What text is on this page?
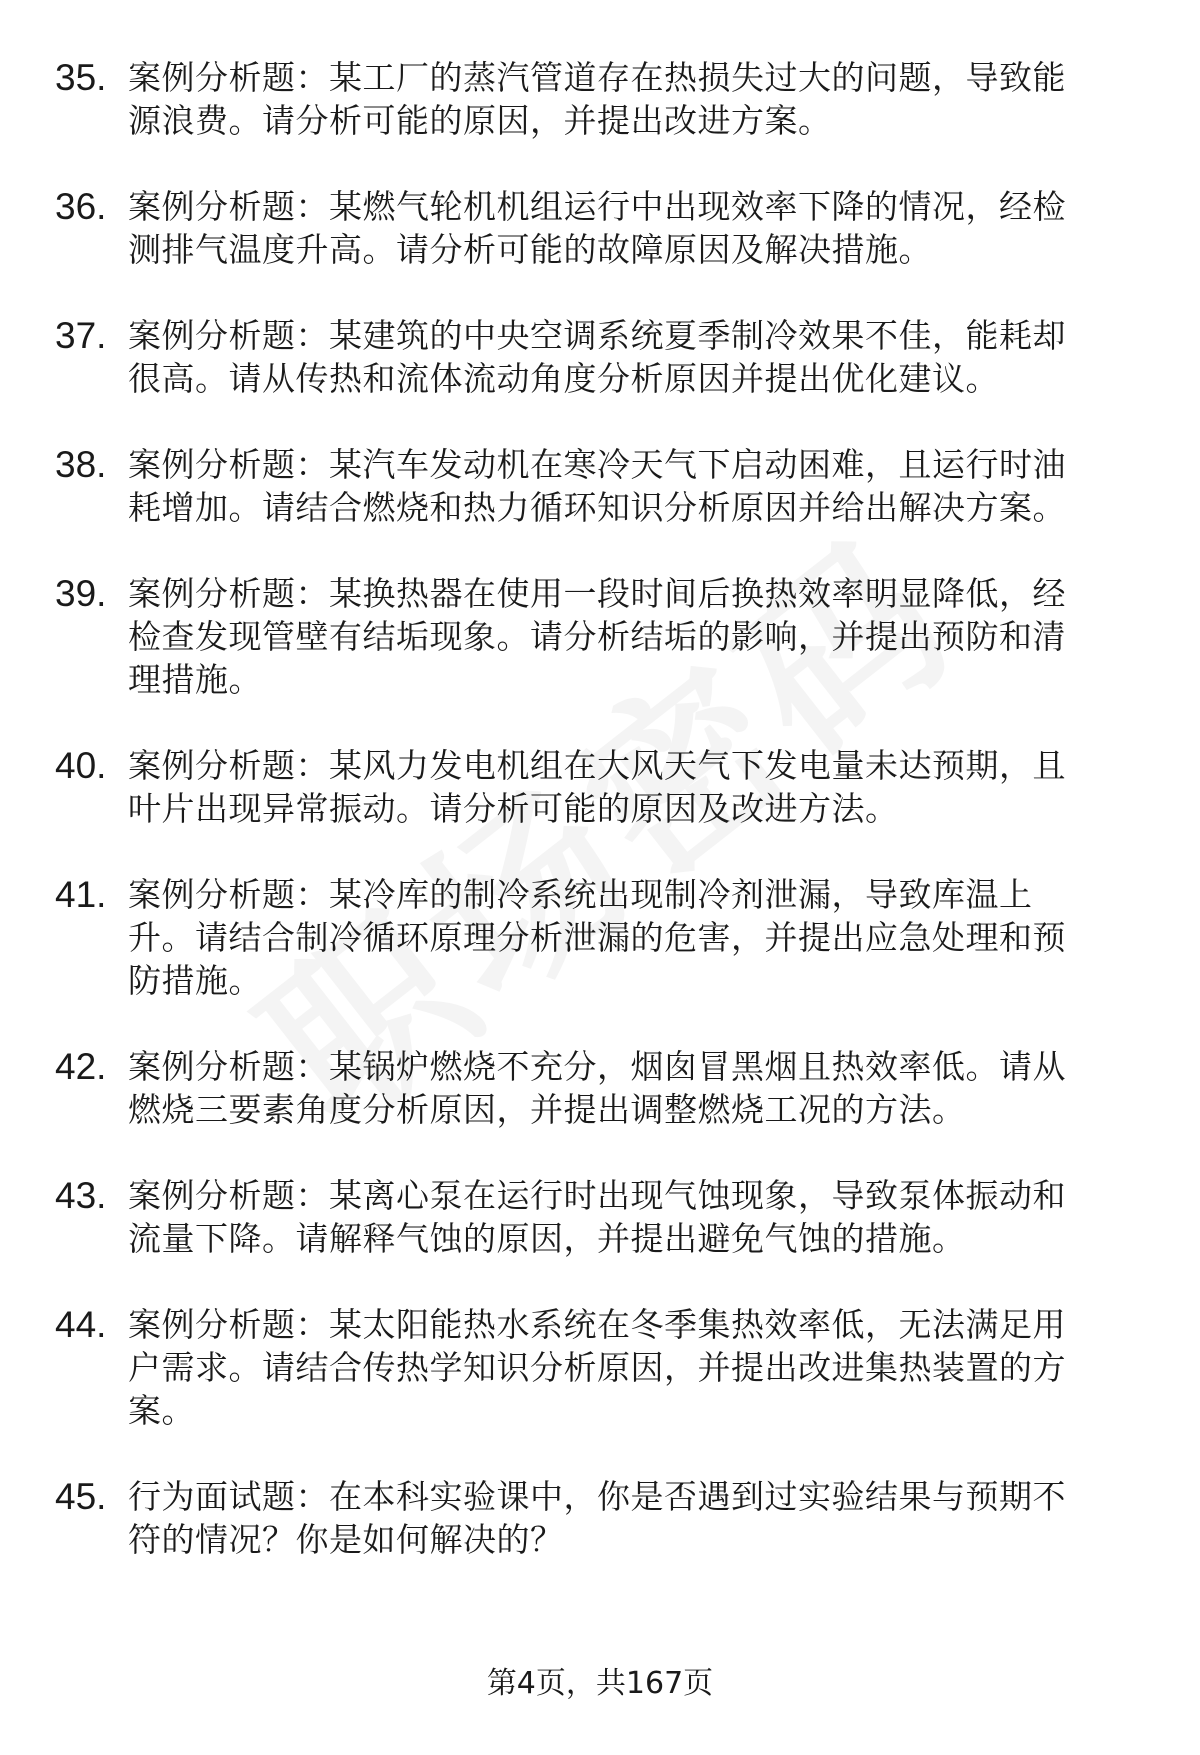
35. 案例分析题：某工厂的蒸汽管道存在热损失过大的问题，导致能
源浪费。请分析可能的原因，并提出改进方案。
36. 案例分析题：某燃气轮机机组运行中出现效率下降的情况，经检
测排气温度升高。请分析可能的故障原因及解决措施。
37. 案例分析题：某建筑的中央空调系统夏季制冷效果不佳，能耗却
很高。请从传热和流体流动角度分析原因并提出优化建议。
38. 案例分析题：某汽车发动机在寒冷天气下启动困难，且运行时油
耗增加。请结合燃烧和热力循环知识分析原因并给出解决方案。
39. 案例分析题：某换热器在使用一段时间后换热效率明显降低，经
检查发现管壁有结垢现象。请分析结垢的影响，并提出预防和清
理措施。
40. 案例分析题：某风力发电机组在大风天气下发电量未达预期，且
叶片出现异常振动。请分析可能的原因及改进方法。
41. 案例分析题：某冷库的制冷系统出现制冷剂泄漏，导致库温上
升。请结合制冷循环原理分析泄漏的危害，并提出应急处理和预
防措施。
42. 案例分析题：某锅炉燃烧不充分，烟囱冒黑烟且热效率低。请从
燃烧三要素角度分析原因，并提出调整燃烧工况的方法。
43. 案例分析题：某离心泵在运行时出现气蚀现象，导致泵体振动和
流量下降。请解释气蚀的原因，并提出避免气蚀的措施。
44. 案例分析题：某太阳能热水系统在冬季集热效率低，无法满足用
户需求。请结合传热学知识分析原因，并提出改进集热装置的方
案。
45. 行为面试题：在本科实验课中，你是否遇到过实验结果与预期不
符的情况？你是如何解决的？
第4页，共167页
